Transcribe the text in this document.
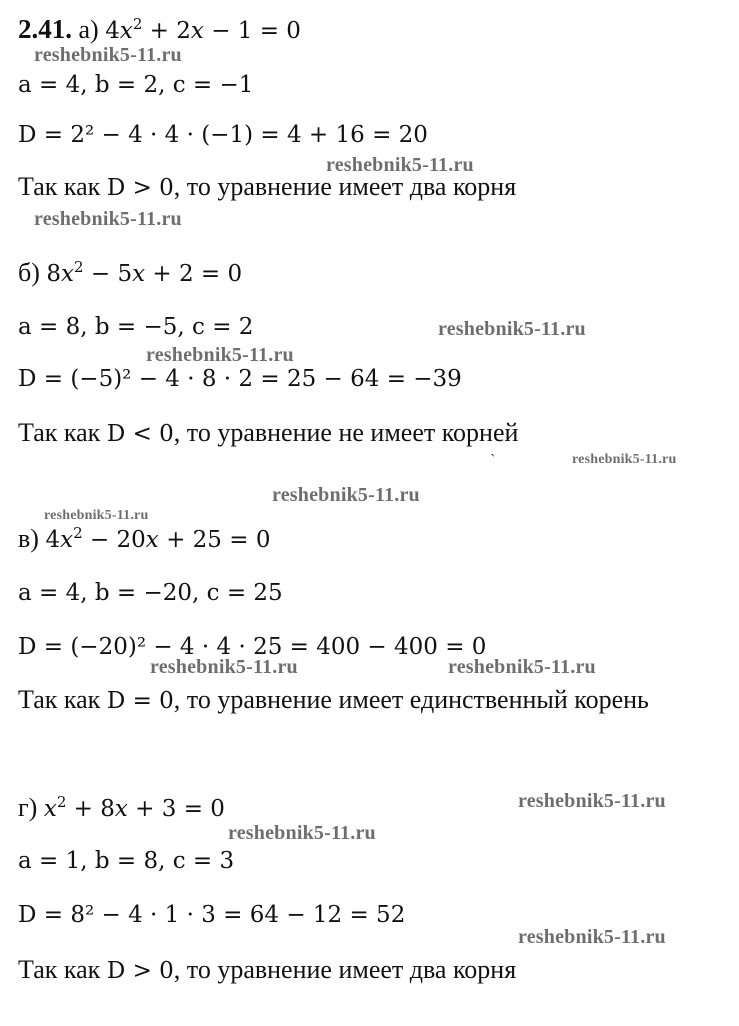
2.41. а) $4x^2 + 2x - 1 = 0$
a = 4, b = 2, c = −1
D = 2² − 4 · 4 · (−1) = 4 + 16 = 20
Так как D > 0, то уравнение имеет два корня
б) $8x^2 - 5x + 2 = 0$
a = 8, b = −5, c = 2
D = (−5)² − 4 · 8 · 2 = 25 − 64 = −39
Так как D < 0, то уравнение не имеет корней
в) $4x^2 - 20x + 25 = 0$
a = 4, b = −20, c = 25
D = (−20)² − 4 · 4 · 25 = 400 − 400 = 0
Так как D = 0, то уравнение имеет единственный корень
г) $x^2 + 8x + 3 = 0$
a = 1, b = 8, c = 3
D = 8² − 4 · 1 · 3 = 64 − 12 = 52
Так как D > 0, то уравнение имеет два корня
reshebnik5-11.ru
reshebnik5-11.ru
reshebnik5-11.ru
reshebnik5-11.ru
reshebnik5-11.ru
reshebnik5-11.ru
reshebnik5-11.ru
reshebnik5-11.ru
reshebnik5-11.ru	reshebnik5-11.ru
reshebnik5-11.ru
reshebnik5-11.ru
reshebnik5-11.ru
ˋ
